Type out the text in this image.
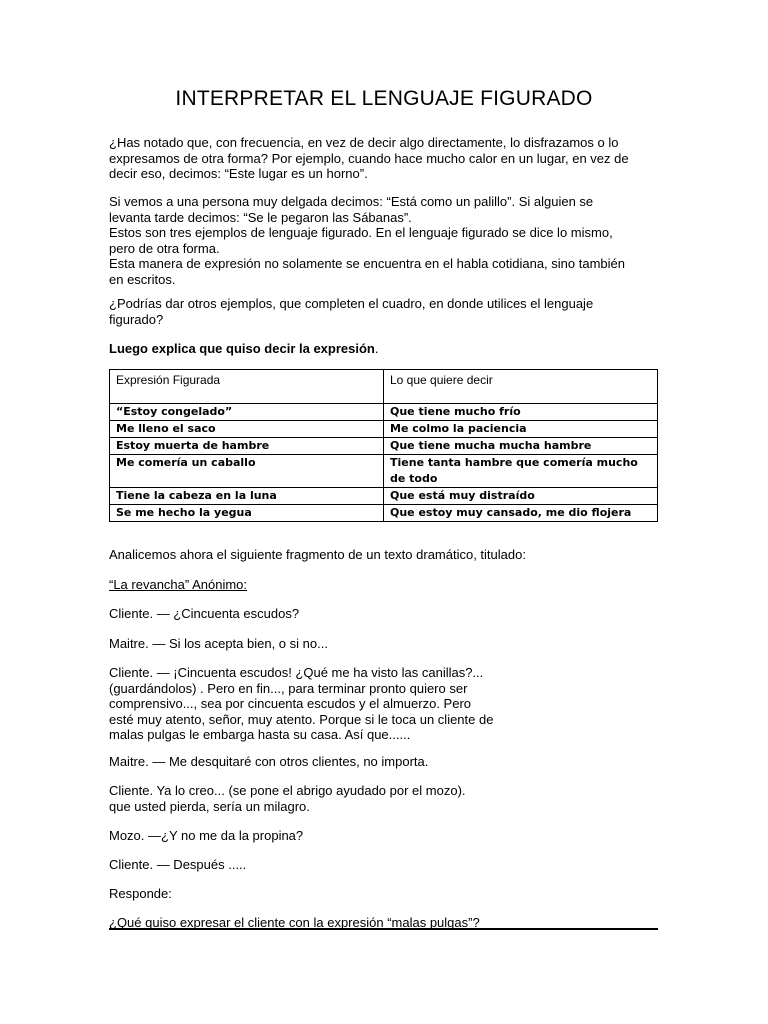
INTERPRETAR EL LENGUAJE FIGURADO
¿Has notado que, con frecuencia, en vez de decir algo directamente, lo disfrazamos o lo
expresamos de otra forma? Por ejemplo, cuando hace mucho calor en un lugar, en vez de
decir eso, decimos: “Este lugar es un horno”.
Si vemos a una persona muy delgada decimos: “Está como un palillo”. Si alguien se
levanta tarde decimos: “Se le pegaron las Sábanas”.
Estos son tres ejemplos de lenguaje figurado. En el lenguaje figurado se dice lo mismo,
pero de otra forma.
Esta manera de expresión no solamente se encuentra en el habla cotidiana, sino también
en escritos.
¿Podrías dar otros ejemplos, que completen el cuadro, en donde utilices el lenguaje
figurado?
Luego explica que quiso decir la expresión.
Expresión Figurada	Lo que quiere decir
“Estoy congelado”	Que tiene mucho frío
Me lleno el saco	Me colmo la paciencia
Estoy muerta de hambre	Que tiene mucha mucha hambre
Me comería un caballo	Tiene tanta hambre que comería mucho de todo
Tiene la cabeza en la luna	Que está muy distraído
Se me hecho la yegua	Que estoy muy cansado, me dio flojera
Analicemos ahora el siguiente fragmento de un texto dramático, titulado:
“La revancha” Anónimo:
Cliente. — ¿Cincuenta escudos?
Maitre. — Si los acepta bien, o si no...
Cliente. — ¡Cincuenta escudos! ¿Qué me ha visto las canillas?...
(guardándolos) . Pero en fin..., para terminar pronto quiero ser
comprensivo..., sea por cincuenta escudos y el almuerzo. Pero
esté muy atento, señor, muy atento. Porque si le toca un cliente de
malas pulgas le embarga hasta su casa. Así que......
Maitre. — Me desquitaré con otros clientes, no importa.
Cliente. Ya lo creo... (se pone el abrigo ayudado por el mozo).
que usted pierda, sería un milagro.
Mozo. —¿Y no me da la propina?
Cliente. — Después .....
Responde:
¿Qué quiso expresar el cliente con la expresión “malas pulgas”?
